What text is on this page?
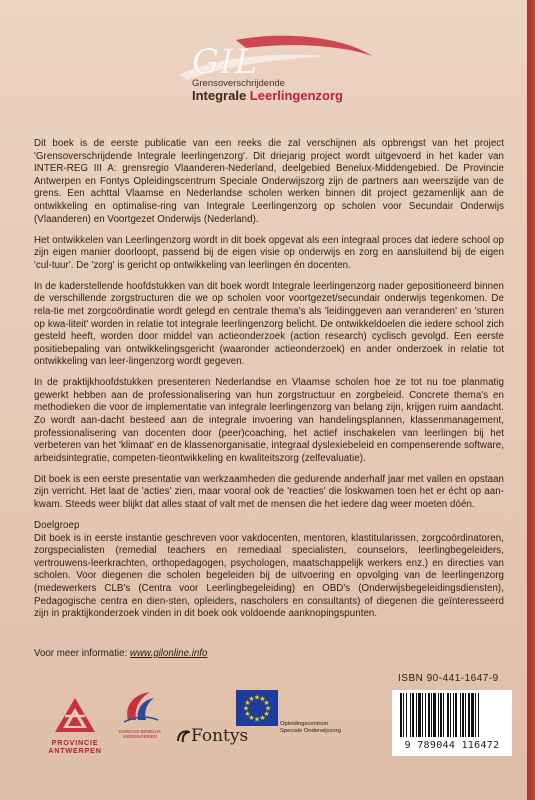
GIL
Grensoverschrijdende
Integrale Leerlingenzorg

Dit boek is de eerste publicatie van een reeks die zal verschijnen als opbrengst van het project 'Grensoverschrijdende Integrale leerlingenzorg'. Dit driejarig project wordt uitgevoerd in het kader van INTER-REG III A: grensregio Vlaanderen-Nederland, deelgebied Benelux-Middengebied. De Provincie Antwerpen en Fontys Opleidingscentrum Speciale Onderwijszorg zijn de partners aan weerszijde van de grens. Een achttal Vlaamse en Nederlandse scholen werken binnen dit project gezamenlijk aan de ontwikkeling en optimalise-ring van Integrale Leerlingenzorg op scholen voor Secundair Onderwijs (Vlaanderen) en Voortgezet Onderwijs (Nederland).

Het ontwikkelen van Leerlingenzorg wordt in dit boek opgevat als een integraal proces dat iedere school op zijn eigen manier doorloopt, passend bij de eigen visie op onderwijs en zorg en aansluitend bij de eigen 'cul-tuur'. De 'zorg' is gericht op ontwikkeling van leerlingen én docenten.

In de kaderstellende hoofdstukken van dit boek wordt Integrale leerlingenzorg nader gepositioneerd binnen de verschillende zorgstructuren die we op scholen voor voortgezet/secundair onderwijs tegenkomen. De rela-tie met zorgcoördinatie wordt gelegd en centrale thema's als 'leidinggeven aan veranderen' en 'sturen op kwa-liteit' worden in relatie tot integrale leerlingenzorg belicht. De ontwikkeldoelen die iedere school zich gesteld heeft, worden door middel van actieonderzoek (action research) cyclisch gevolgd. Een eerste positiebepaling van ontwikkelingsgericht (waaronder actieonderzoek) en ander onderzoek in relatie tot ontwikkeling van leer-lingenzorg wordt gegeven.

In de praktijkhoofdstukken presenteren Nederlandse en Vlaamse scholen hoe ze tot nu toe planmatig gewerkt hebben aan de professionalisering van hun zorgstructuur en zorgbeleid. Concrete thema's en methodieken die voor de implementatie van integrale leerlingenzorg van belang zijn, krijgen ruim aandacht. Zo wordt aan-dacht besteed aan de integrale invoering van handelingsplannen, klassenmanagement, professionalisering van docenten door (peer)coaching, het actief inschakelen van leerlingen bij het verbeteren van het 'klimaat' en de klassenorganisatie, integraal dyslexiebeleid en compenserende software, arbeidsintegratie, competen-tieontwikkeling en kwaliteitszorg (zelfevaluatie).

Dit boek is een eerste presentatie van werkzaamheden die gedurende anderhalf jaar met vallen en opstaan zijn verricht. Het laat de 'acties' zien, maar vooral ook de 'reacties' die loskwamen toen het er écht op aan-kwam. Steeds weer blijkt dat alles staat of valt met de mensen die het iedere dag weer moeten dóén.

Doelgroep

Dit boek is in eerste instantie geschreven voor vakdocenten, mentoren, klastitularissen, zorgcoördinatoren, zorgspecialisten (remedial teachers en remediaal specialisten, counselors, leerlingbegeleiders, vertrouwens-leerkrachten, orthopedagogen, psychologen, maatschappelijk werkers enz.) en directies van scholen. Voor diegenen die scholen begeleiden bij de uitvoering en opvolging van de leerlingenzorg (medewerkers CLB's (Centra voor Leerlingbegeleiding) en OBD's (Onderwijsbegeleidingsdiensten), Pedagogische centra en dien-sten, opleiders, nascholers en consultants) of diegenen die geïnteresseerd zijn in praktijkonderzoek vinden in dit boek ook voldoende aanknopingspunten.

Voor meer informatie: www.gilonline.info
ISBN 90-441-1647-9
9 789044 116472
PROVINCIE
ANTWERPEN
EUREGIO BENELUX
MIDDENGEBIED	Fontys
★
★
★
★
★
★
★
★
★ ★ ★
★
Opleidingscentrum
Speciale Onderwijszorg
